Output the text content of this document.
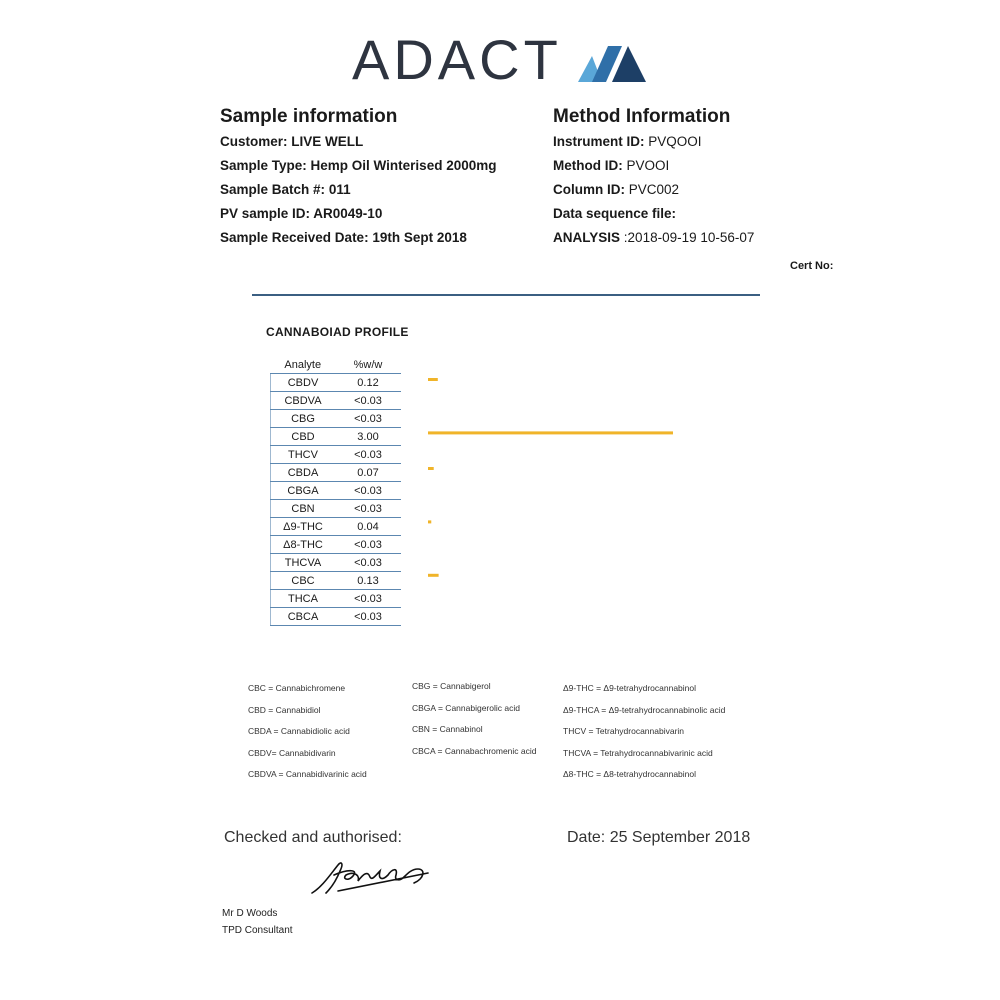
ADACT
Sample information
Customer: LIVE WELL
Sample Type: Hemp Oil Winterised 2000mg
Sample Batch #: 011
PV sample ID: AR0049-10
Sample Received Date: 19th Sept 2018
Method Information
Instrument ID: PVQOOI
Method ID: PVOOI
Column ID: PVC002
Data sequence file:
ANALYSIS :2018-09-19 10-56-07
Cert No:
CANNABOIAD PROFILE
Analyte	%w/w
CBDV	0.12
CBDVA	<0.03
CBG	<0.03
CBD	3.00
THCV	<0.03
CBDA	0.07
CBGA	<0.03
CBN	<0.03
Δ9-THC	0.04
Δ8-THC	<0.03
THCVA	<0.03
CBC	0.13
THCA	<0.03
CBCA	<0.03
CBC = Cannabichromene
CBD = Cannabidiol
CBDA = Cannabidiolic acid
CBDV= Cannabidivarin
CBDVA = Cannabidivarinic acid
CBG = Cannabigerol
CBGA = Cannabigerolic acid
CBN = Cannabinol
CBCA = Cannabachromenic acid
Δ9-THC = Δ9-tetrahydrocannabinol
Δ9-THCA = Δ9-tetrahydrocannabinolic acid
THCV = Tetrahydrocannabivarin
THCVA = Tetrahydrocannabivarinic acid
Δ8-THC = Δ8-tetrahydrocannabinol
Checked and authorised:	Date: 25 September 2018
Mr D Woods
TPD Consultant
